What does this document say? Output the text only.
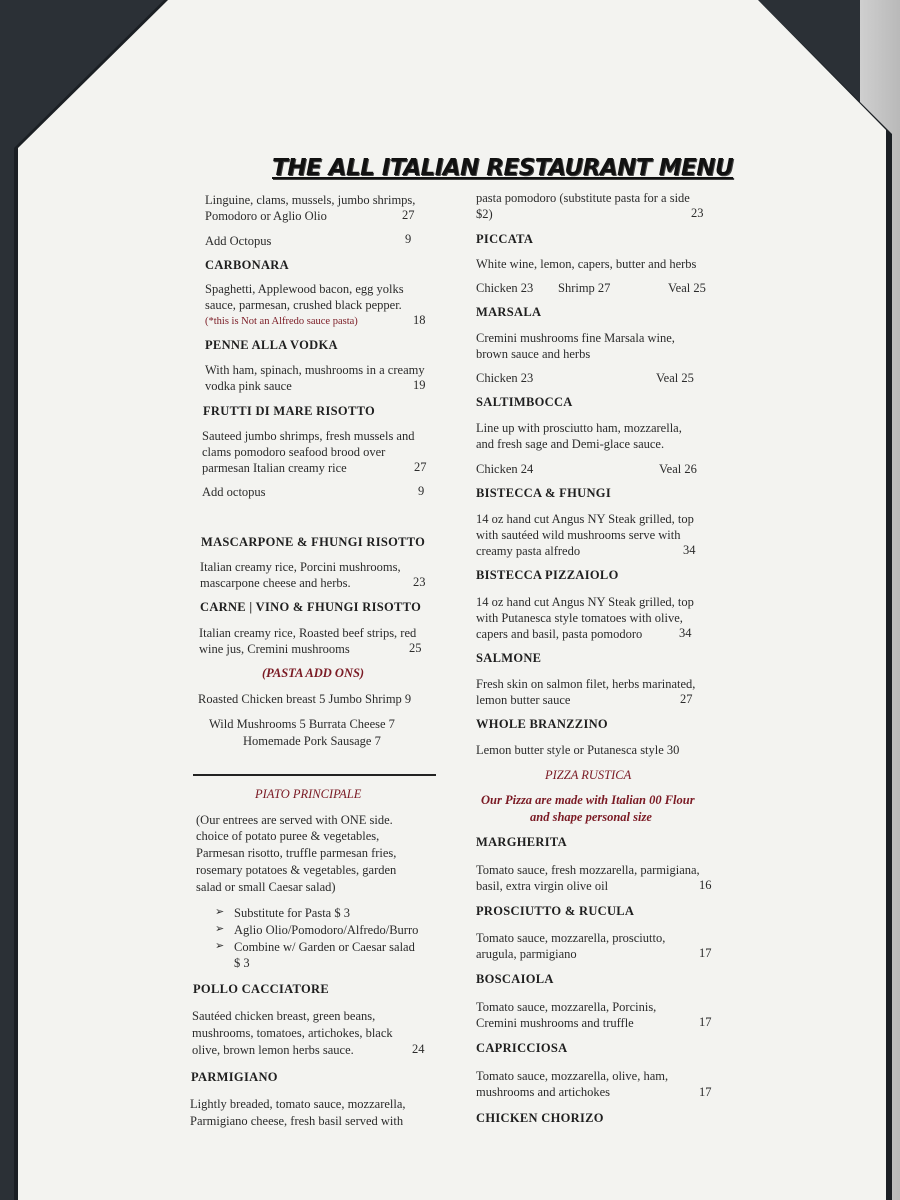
THE ALL ITALIAN RESTAURANT MENU
Linguine, clams, mussels, jumbo shrimps,
Pomodoro or Aglio Olio	27
Add Octopus	9
CARBONARA
Spaghetti, Applewood bacon, egg yolks
sauce, parmesan, crushed black pepper.
(*this is Not an Alfredo sauce pasta)	18
PENNE ALLA VODKA
With ham, spinach, mushrooms in a creamy
vodka pink sauce	19
FRUTTI DI MARE RISOTTO
Sauteed jumbo shrimps, fresh mussels and
clams pomodoro seafood brood over
parmesan Italian creamy rice	27
Add octopus	9
MASCARPONE & FHUNGI RISOTTO
Italian creamy rice, Porcini mushrooms,
mascarpone cheese and herbs.	23
CARNE | VINO & FHUNGI RISOTTO
Italian creamy rice, Roasted beef strips, red
wine jus, Cremini mushrooms	25
(PASTA ADD ONS)
Roasted Chicken breast 5 Jumbo Shrimp 9
Wild Mushrooms 5 Burrata Cheese 7
Homemade Pork Sausage 7
PIATO PRINCIPALE
(Our entrees are served with ONE side.
choice of potato puree & vegetables,
Parmesan risotto, truffle parmesan fries,
rosemary potatoes & vegetables, garden
salad or small Caesar salad)
➢ Substitute for Pasta $ 3
➢ Aglio Olio/Pomodoro/Alfredo/Burro
➢ Combine w/ Garden or Caesar salad
$ 3
POLLO CACCIATORE
Sautéed chicken breast, green beans,
mushrooms, tomatoes, artichokes, black
olive, brown lemon herbs sauce.	24
PARMIGIANO
Lightly breaded, tomato sauce, mozzarella,
Parmigiano cheese, fresh basil served with
pasta pomodoro (substitute pasta for a side
$2)	23
PICCATA
White wine, lemon, capers, butter and herbs
Chicken 23 Shrimp 27	Veal 25
MARSALA
Cremini mushrooms fine Marsala wine,
brown sauce and herbs
Chicken 23	Veal 25
SALTIMBOCCA
Line up with prosciutto ham, mozzarella,
and fresh sage and Demi-glace sauce.
Chicken 24	Veal 26
BISTECCA & FHUNGI
14 oz hand cut Angus NY Steak grilled, top
with sautéed wild mushrooms serve with
creamy pasta alfredo	34
BISTECCA PIZZAIOLO
14 oz hand cut Angus NY Steak grilled, top
with Putanesca style tomatoes with olive,
capers and basil, pasta pomodoro	34
SALMONE
Fresh skin on salmon filet, herbs marinated,
lemon butter sauce	27
WHOLE BRANZZINO
Lemon butter style or Putanesca style 30
PIZZA RUSTICA
Our Pizza are made with Italian 00 Flour
and shape personal size
MARGHERITA
Tomato sauce, fresh mozzarella, parmigiana,
basil, extra virgin olive oil	16
PROSCIUTTO & RUCULA
Tomato sauce, mozzarella, prosciutto,
arugula, parmigiano	17
BOSCAIOLA
Tomato sauce, mozzarella, Porcinis,
Cremini mushrooms and truffle	17
CAPRICCIOSA
Tomato sauce, mozzarella, olive, ham,
mushrooms and artichokes	17
CHICKEN CHORIZO
